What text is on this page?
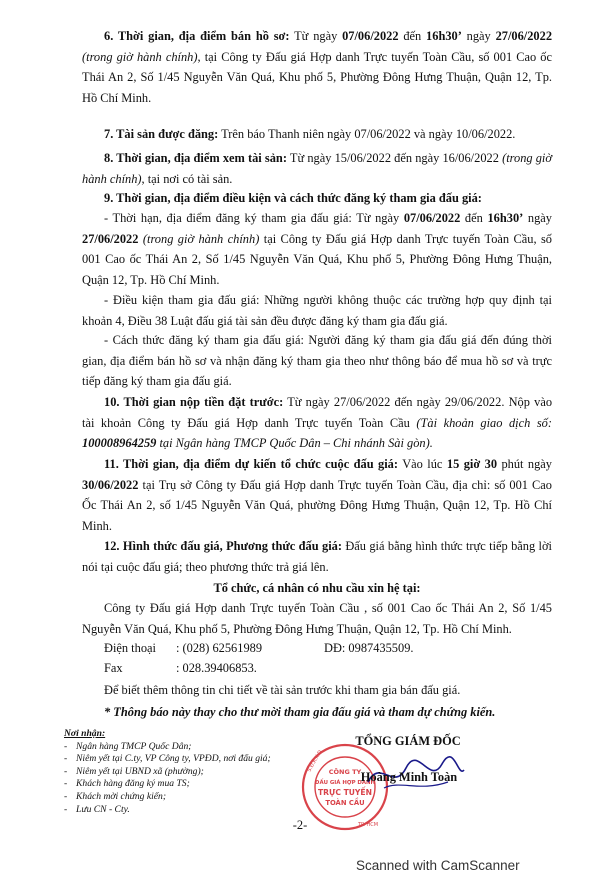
6. Thời gian, địa điểm bán hồ sơ: Từ ngày 07/06/2022 đến 16h30’ ngày 27/06/2022 (trong giờ hành chính), tại Công ty Đấu giá Hợp danh Trực tuyến Toàn Cầu, số 001 Cao ốc Thái An 2, Số 1/45 Nguyễn Văn Quá, Khu phố 5, Phường Đông Hưng Thuận, Quận 12, Tp. Hồ Chí Minh.

7. Tài sản được đăng: Trên báo Thanh niên ngày 07/06/2022 và ngày 10/06/2022.

8. Thời gian, địa điểm xem tài sản: Từ ngày 15/06/2022 đến ngày 16/06/2022 (trong giờ hành chính), tại nơi có tài sản.

9. Thời gian, địa điểm điều kiện và cách thức đăng ký tham gia đấu giá:

- Thời hạn, địa điểm đăng ký tham gia đấu giá: Từ ngày 07/06/2022 đến 16h30’ ngày 27/06/2022 (trong giờ hành chính) tại Công ty Đấu giá Hợp danh Trực tuyến Toàn Cầu, số 001 Cao ốc Thái An 2, Số 1/45 Nguyễn Văn Quá, Khu phố 5, Phường Đông Hưng Thuận, Quận 12, Tp. Hồ Chí Minh.

- Điều kiện tham gia đấu giá: Những người không thuộc các trường hợp quy định tại khoản 4, Điều 38 Luật đấu giá tài sản đều được đăng ký tham gia đấu giá.

- Cách thức đăng ký tham gia đấu giá: Người đăng ký tham gia đấu giá đến đúng thời gian, địa điểm bán hồ sơ và nhận đăng ký tham gia theo như thông báo để mua hồ sơ và trực tiếp đăng ký tham gia đấu giá.

10. Thời gian nộp tiền đặt trước: Từ ngày 27/06/2022 đến ngày 29/06/2022. Nộp vào tài khoản Công ty Đấu giá Hợp danh Trực tuyến Toàn Cầu (Tài khoản giao dịch số: 100008964259 tại Ngân hàng TMCP Quốc Dân – Chi nhánh Sài gòn).

11. Thời gian, địa điểm dự kiến tổ chức cuộc đấu giá: Vào lúc 15 giờ 30 phút ngày 30/06/2022 tại Trụ sở Công ty Đấu giá Hợp danh Trực tuyến Toàn Cầu, địa chỉ: số 001 Cao Ốc Thái An 2, số 1/45 Nguyễn Văn Quá, phường Đông Hưng Thuận, Quận 12, Tp. Hồ Chí Minh.

12. Hình thức đấu giá, Phương thức đấu giá: Đấu giá bằng hình thức trực tiếp bằng lời nói tại cuộc đấu giá; theo phương thức trả giá lên.

Tổ chức, cá nhân có nhu cầu xin hệ tại:

Công ty Đấu giá Hợp danh Trực tuyến Toàn Cầu , số 001 Cao ốc Thái An 2, Số 1/45 Nguyễn Văn Quá, Khu phố 5, Phường Đông Hưng Thuận, Quận 12, Tp. Hồ Chí Minh.

Điện thoại : (028) 62561989	DĐ: 0987435509.
Fax	: 028.39406853.

Để biết thêm thông tin chi tiết về tài sản trước khi tham gia bán đấu giá.

* Thông báo này thay cho thư mời tham gia đấu giá và tham dự chứng kiến.

Nơi nhận:
- Ngân hàng TMCP Quốc Dân;
- Niêm yết tại C.ty, VP Công ty, VPĐD, nơi đấu giá;
- Niêm yết tại UBND xã (phường);
- Khách hàng đăng ký mua TS;
- Khách mời chứng kiến;
- Lưu CN - Cty.
TỔNG GIÁM ĐỐC
CÔNG TY
ĐẤU GIÁ HỢP DANH
TRỰC TUYẾN
TOÀN CẦU
S.Đ.K.K.D
TP. HCM
Hoàng Minh Toàn
-2-
Scanned with CamScanner
